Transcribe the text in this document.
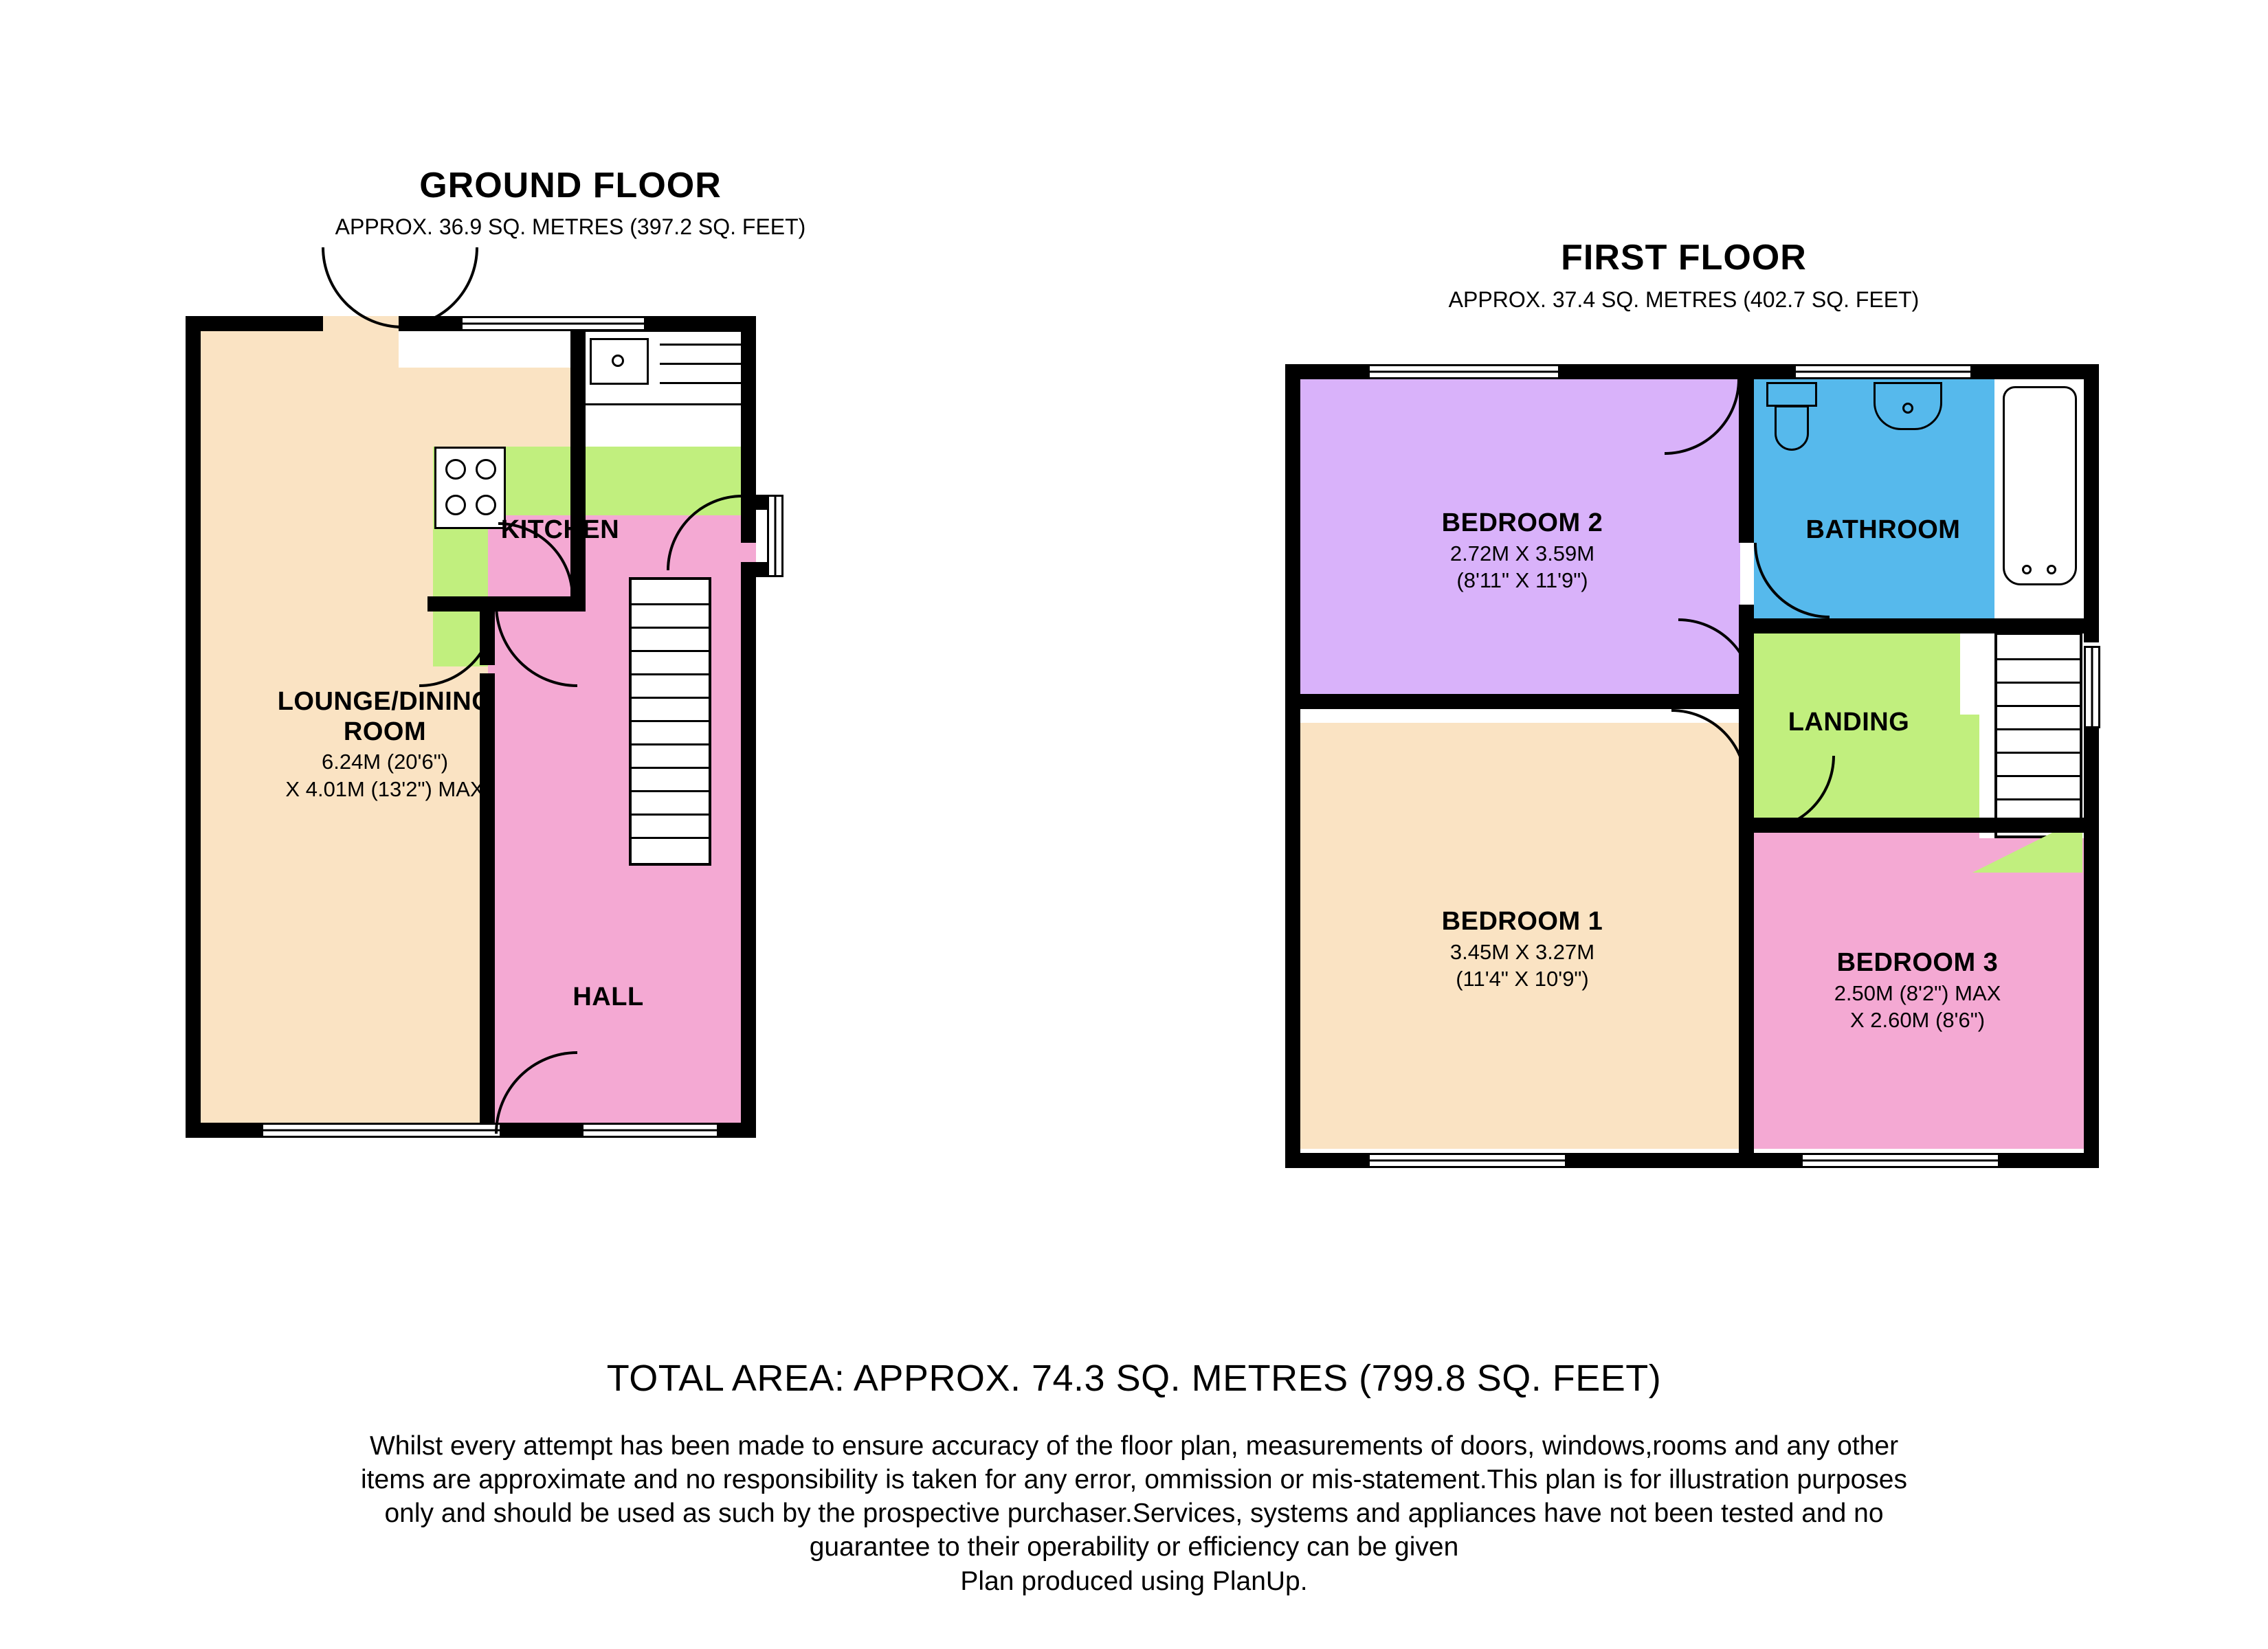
GROUND FLOOR
APPROX. 36.9 SQ. METRES (397.2 SQ. FEET)
LOUNGE/DINING
ROOM
6.24M (20'6")
X 4.01M (13'2") MAX
KITCHEN
HALL
FIRST FLOOR
APPROX. 37.4 SQ. METRES (402.7 SQ. FEET)
BEDROOM 2
2.72M X 3.59M
(8'11" X 11'9")
BATHROOM
LANDING
BEDROOM 1
3.45M X 3.27M
(11'4" X 10'9")
BEDROOM 3
2.50M (8'2") MAX
X 2.60M (8'6")
TOTAL AREA: APPROX. 74.3 SQ. METRES (799.8 SQ. FEET)
Whilst every attempt has been made to ensure accuracy of the floor plan, measurements of doors, windows,rooms and any other
items are approximate and no responsibility is taken for any error, ommission or mis-statement.This plan is for illustration purposes
only and should be used as such by the prospective purchaser.Services, systems and appliances have not been tested and no
guarantee to their operability or efficiency can be given
Plan produced using PlanUp.
